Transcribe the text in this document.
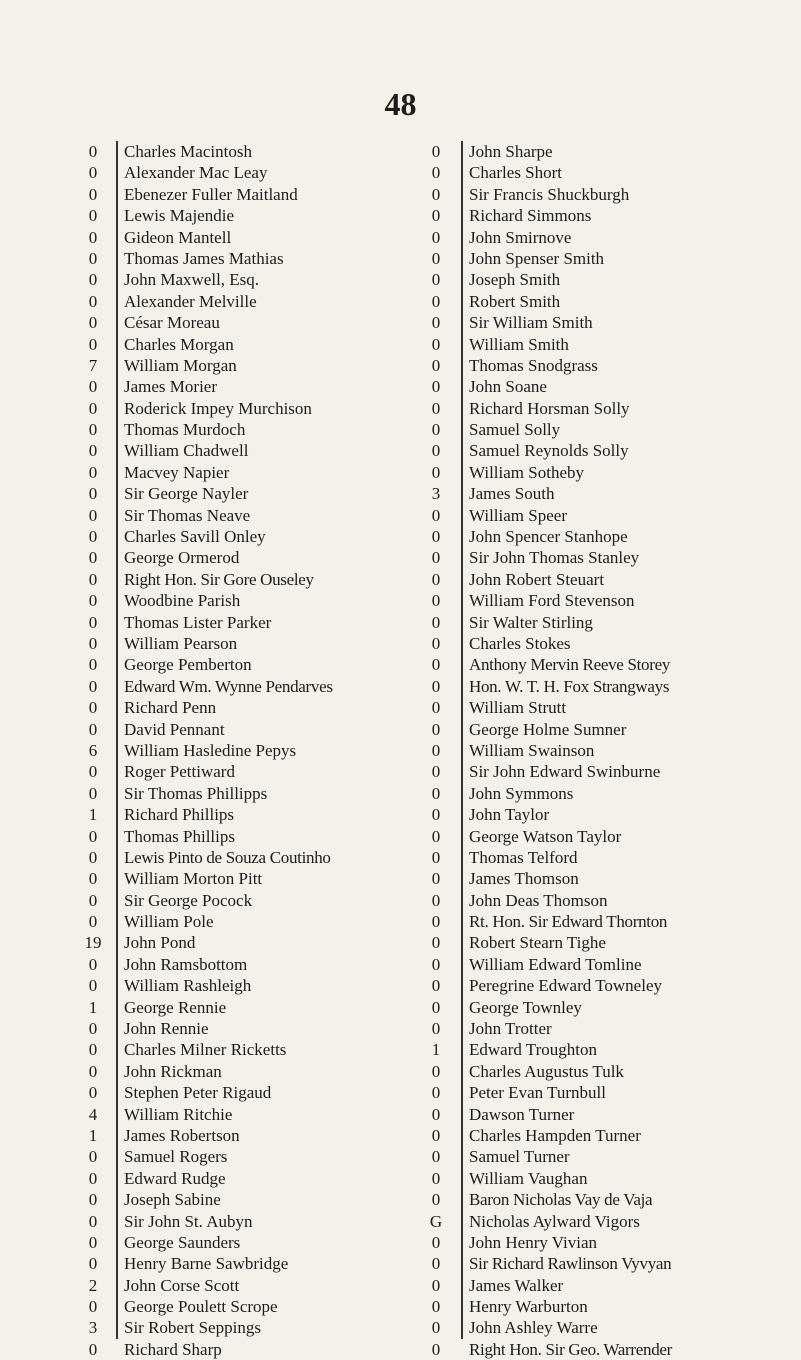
48
0	Charles Macintosh
0	Alexander Mac Leay
0	Ebenezer Fuller Maitland
0	Lewis Majendie
0	Gideon Mantell
0	Thomas James Mathias
0	John Maxwell, Esq.
0	Alexander Melville
0	César Moreau
0	Charles Morgan
7	William Morgan
0	James Morier
0	Roderick Impey Murchison
0	Thomas Murdoch
0	William Chadwell
0	Macvey Napier
0	Sir George Nayler
0	Sir Thomas Neave
0	Charles Savill Onley
0	George Ormerod
0	Right Hon. Sir Gore Ouseley
0	Woodbine Parish
0	Thomas Lister Parker
0	William Pearson
0	George Pemberton
0	Edward Wm. Wynne Pendarves
0	Richard Penn
0	David Pennant
6	William Hasledine Pepys
0	Roger Pettiward
0	Sir Thomas Phillipps
1	Richard Phillips
0	Thomas Phillips
0	Lewis Pinto de Souza Coutinho
0	William Morton Pitt
0	Sir George Pocock
0	William Pole
19	John Pond
0	John Ramsbottom
0	William Rashleigh
1	George Rennie
0	John Rennie
0	Charles Milner Ricketts
0	John Rickman
0	Stephen Peter Rigaud
4	William Ritchie
1	James Robertson
0	Samuel Rogers
0	Edward Rudge
0	Joseph Sabine
0	Sir John St. Aubyn
0	George Saunders
0	Henry Barne Sawbridge
2	John Corse Scott
0	George Poulett Scrope
3	Sir Robert Seppings
0	Richard Sharp
0	John Sharpe
0	Charles Short
0	Sir Francis Shuckburgh
0	Richard Simmons
0	John Smirnove
0	John Spenser Smith
0	Joseph Smith
0	Robert Smith
0	Sir William Smith
0	William Smith
0	Thomas Snodgrass
0	John Soane
0	Richard Horsman Solly
0	Samuel Solly
0	Samuel Reynolds Solly
0	William Sotheby
3	James South
0	William Speer
0	John Spencer Stanhope
0	Sir John Thomas Stanley
0	John Robert Steuart
0	William Ford Stevenson
0	Sir Walter Stirling
0	Charles Stokes
0	Anthony Mervin Reeve Storey
0	Hon. W. T. H. Fox Strangways
0	William Strutt
0	George Holme Sumner
0	William Swainson
0	Sir John Edward Swinburne
0	John Symmons
0	John Taylor
0	George Watson Taylor
0	Thomas Telford
0	James Thomson
0	John Deas Thomson
0	Rt. Hon. Sir Edward Thornton
0	Robert Stearn Tighe
0	William Edward Tomline
0	Peregrine Edward Towneley
0	George Townley
0	John Trotter
1	Edward Troughton
0	Charles Augustus Tulk
0	Peter Evan Turnbull
0	Dawson Turner
0	Charles Hampden Turner
0	Samuel Turner
0	William Vaughan
0	Baron Nicholas Vay de Vaja
G	Nicholas Aylward Vigors
0	John Henry Vivian
0	Sir Richard Rawlinson Vyvyan
0	James Walker
0	Henry Warburton
0	John Ashley Warre
0	Right Hon. Sir Geo. Warrender
